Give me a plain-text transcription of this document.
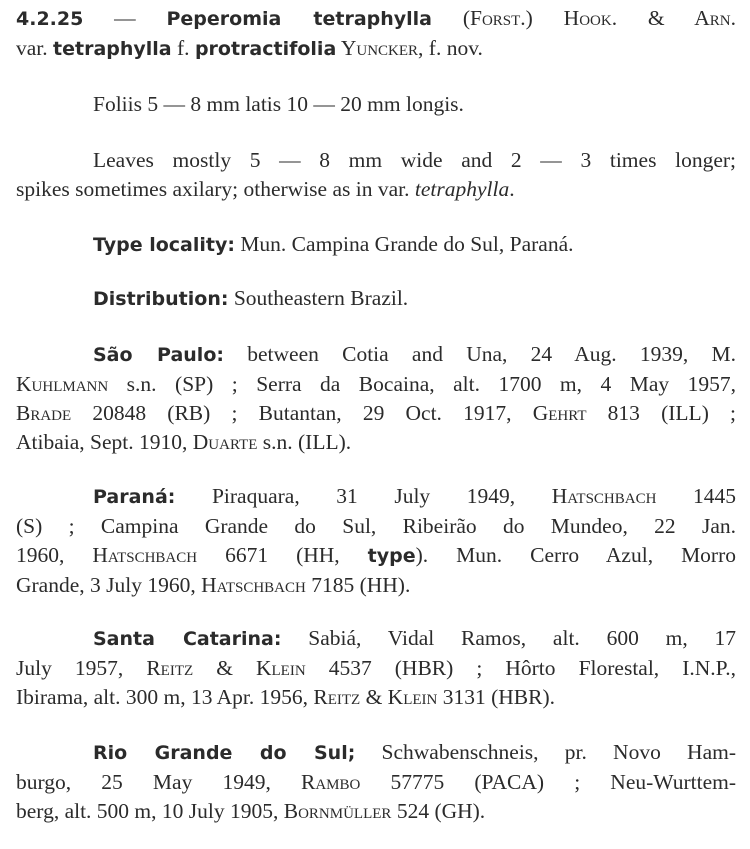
4.2.25 — Peperomia tetraphylla (Forst.) Hook. & Arn.
var. tetraphylla f. protractifolia Yuncker, f. nov.
Foliis 5 — 8 mm latis 10 — 20 mm longis.
Leaves mostly 5 — 8 mm wide and 2 — 3 times longer;
spikes sometimes axilary; otherwise as in var. tetraphylla.
Type locality: Mun. Campina Grande do Sul, Paraná.
Distribution: Southeastern Brazil.
São Paulo: between Cotia and Una, 24 Aug. 1939, M.
Kuhlmann s.n. (SP) ; Serra da Bocaina, alt. 1700 m, 4 May 1957,
Brade 20848 (RB) ; Butantan, 29 Oct. 1917, Gehrt 813 (ILL) ;
Atibaia, Sept. 1910, Duarte s.n. (ILL).
Paraná: Piraquara, 31 July 1949, Hatschbach 1445
(S) ; Campina Grande do Sul, Ribeirão do Mundeo, 22 Jan.
1960, Hatschbach 6671 (HH, type). Mun. Cerro Azul, Morro
Grande, 3 July 1960, Hatschbach 7185 (HH).
Santa Catarina: Sabiá, Vidal Ramos, alt. 600 m, 17
July 1957, Reitz & Klein 4537 (HBR) ; Hôrto Florestal, I.N.P.,
Ibirama, alt. 300 m, 13 Apr. 1956, Reitz & Klein 3131 (HBR).
Rio Grande do Sul; Schwabenschneis, pr. Novo Ham-
burgo, 25 May 1949, Rambo 57775 (PACA) ; Neu-Wurttem-
berg, alt. 500 m, 10 July 1905, Bornmüller 524 (GH).
